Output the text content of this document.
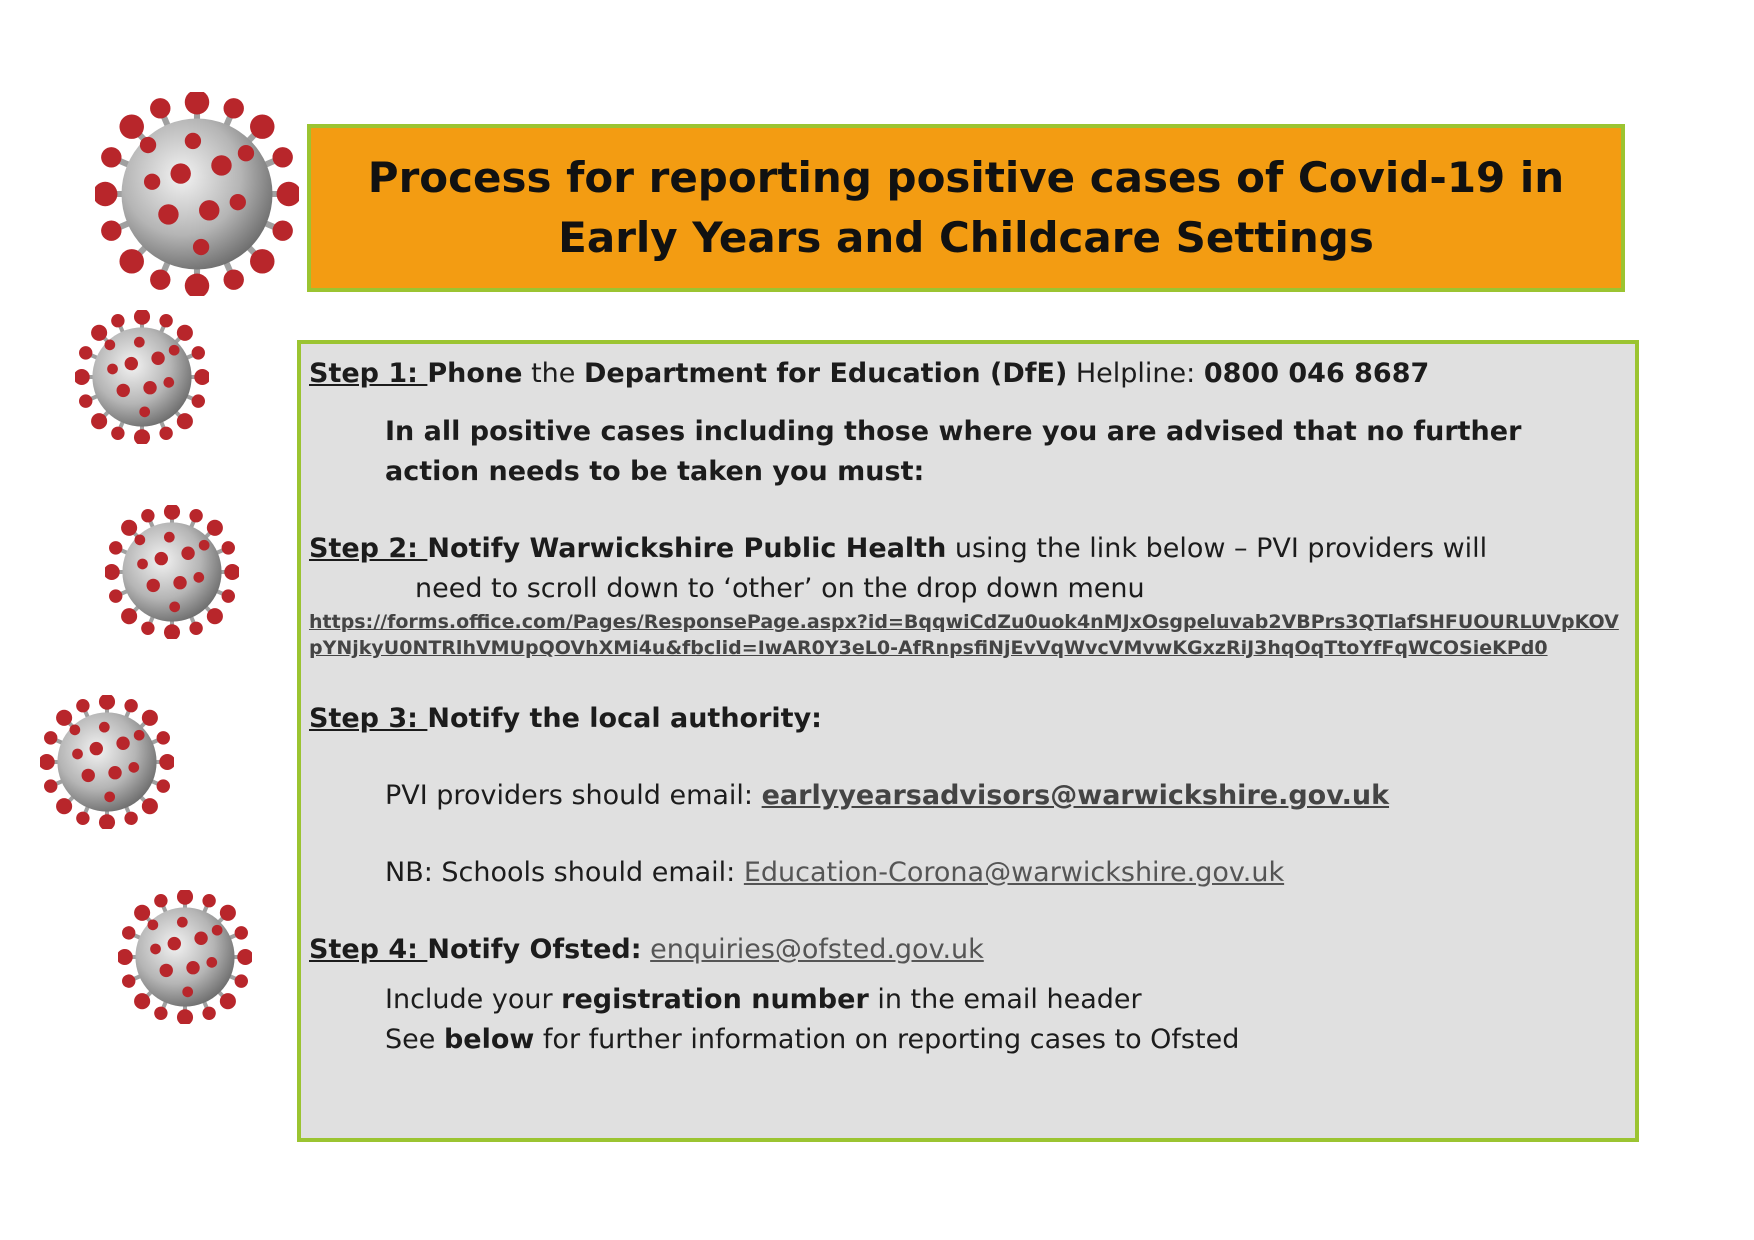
Process for reporting positive cases of Covid-19 in Early Years and Childcare Settings

Step 1: Phone the Department for Education (DfE) Helpline: 0800 046 8687

In all positive cases including those where you are advised that no further action needs to be taken you must:

Step 2: Notify Warwickshire Public Health using the link below – PVI providers will

need to scroll down to ‘other’ on the drop down menu

https://forms.office.com/Pages/ResponsePage.aspx?id=BqqwiCdZu0uok4nMJxOsgpeluvab2VBPrs3QTlafSHFUOURLUVpKOVpYNjkyU0NTRlhVMUpQOVhXMi4u&fbclid=IwAR0Y3eL0-AfRnpsfiNjEvVqWvcVMvwKGxzRiJ3hqOqTtoYfFqWCOSieKPd0

Step 3: Notify the local authority:

PVI providers should email: earlyyearsadvisors@warwickshire.gov.uk

NB: Schools should email: Education-Corona@warwickshire.gov.uk

Step 4: Notify Ofsted: enquiries@ofsted.gov.uk

Include your registration number in the email header

See below for further information on reporting cases to Ofsted
